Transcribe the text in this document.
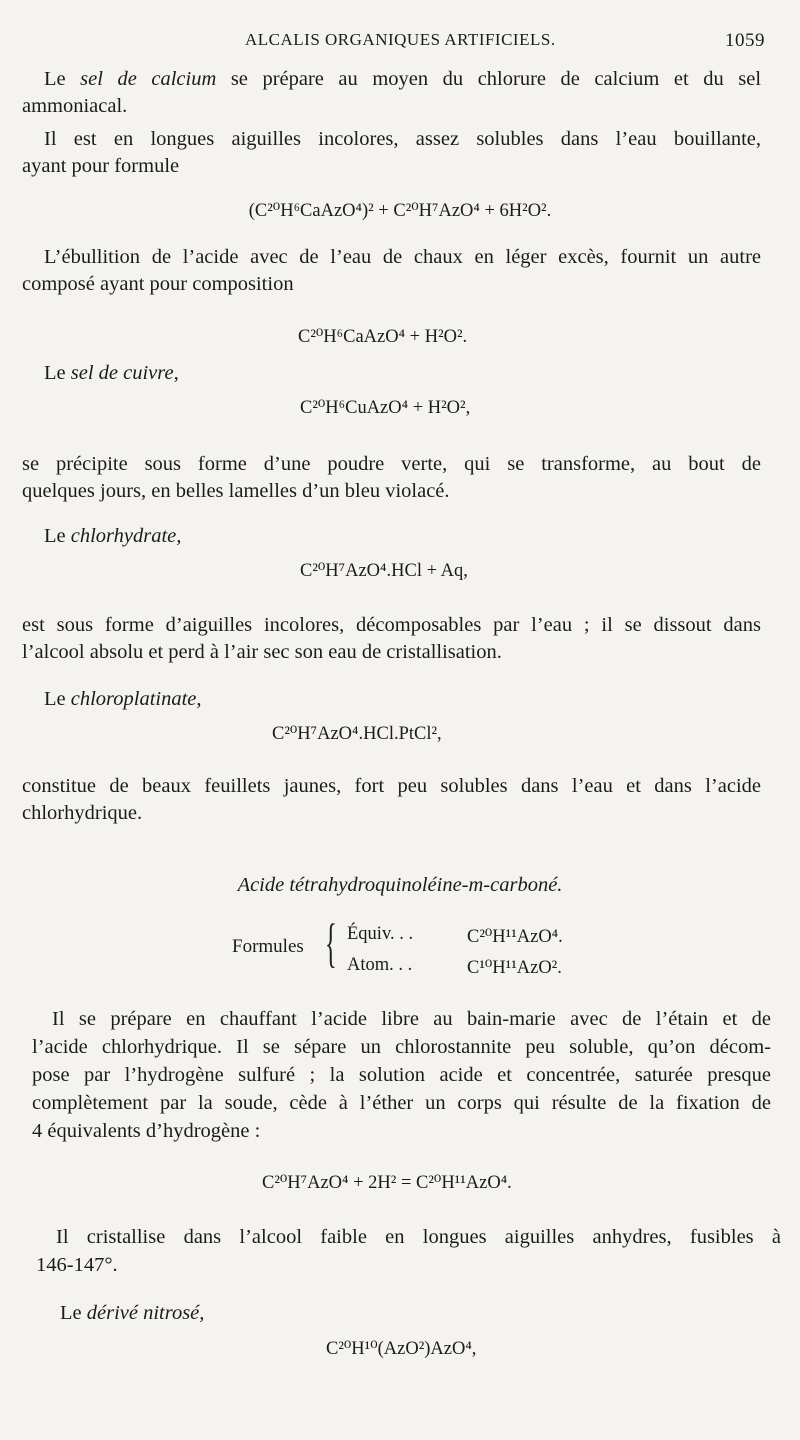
ALCALIS ORGANIQUES ARTIFICIELS.	1059
Le sel de calcium se prépare au moyen du chlorure de calcium et du sel
ammoniacal.
Il est en longues aiguilles incolores, assez solubles dans l’eau bouillante,
ayant pour formule
(C²⁰H⁶CaAzO⁴)² + C²⁰H⁷AzO⁴ + 6H²O².
L’ébullition de l’acide avec de l’eau de chaux en léger excès, fournit un autre
composé ayant pour composition
C²⁰H⁶CaAzO⁴ + H²O².
Le sel de cuivre,
C²⁰H⁶CuAzO⁴ + H²O²,
se précipite sous forme d’une poudre verte, qui se transforme, au bout de
quelques jours, en belles lamelles d’un bleu violacé.
Le chlorhydrate,
C²⁰H⁷AzO⁴.HCl + Aq,
est sous forme d’aiguilles incolores, décomposables par l’eau ; il se dissout dans
l’alcool absolu et perd à l’air sec son eau de cristallisation.
Le chloroplatinate,
C²⁰H⁷AzO⁴.HCl.PtCl²,
constitue de beaux feuillets jaunes, fort peu solubles dans l’eau et dans l’acide
chlorhydrique.
Acide tétrahydroquinoléine-m-carboné.
Formules { Équiv. . .	C²⁰H¹¹AzO⁴.
Atom. . .	C¹⁰H¹¹AzO².
Il se prépare en chauffant l’acide libre au bain-marie avec de l’étain et de
l’acide chlorhydrique. Il se sépare un chlorostannite peu soluble, qu’on décom-
pose par l’hydrogène sulfuré ; la solution acide et concentrée, saturée presque
complètement par la soude, cède à l’éther un corps qui résulte de la fixation de
4 équivalents d’hydrogène :
C²⁰H⁷AzO⁴ + 2H² = C²⁰H¹¹AzO⁴.
Il cristallise dans l’alcool faible en longues aiguilles anhydres, fusibles à
146-147°.
Le dérivé nitrosé,
C²⁰H¹⁰(AzO²)AzO⁴,
